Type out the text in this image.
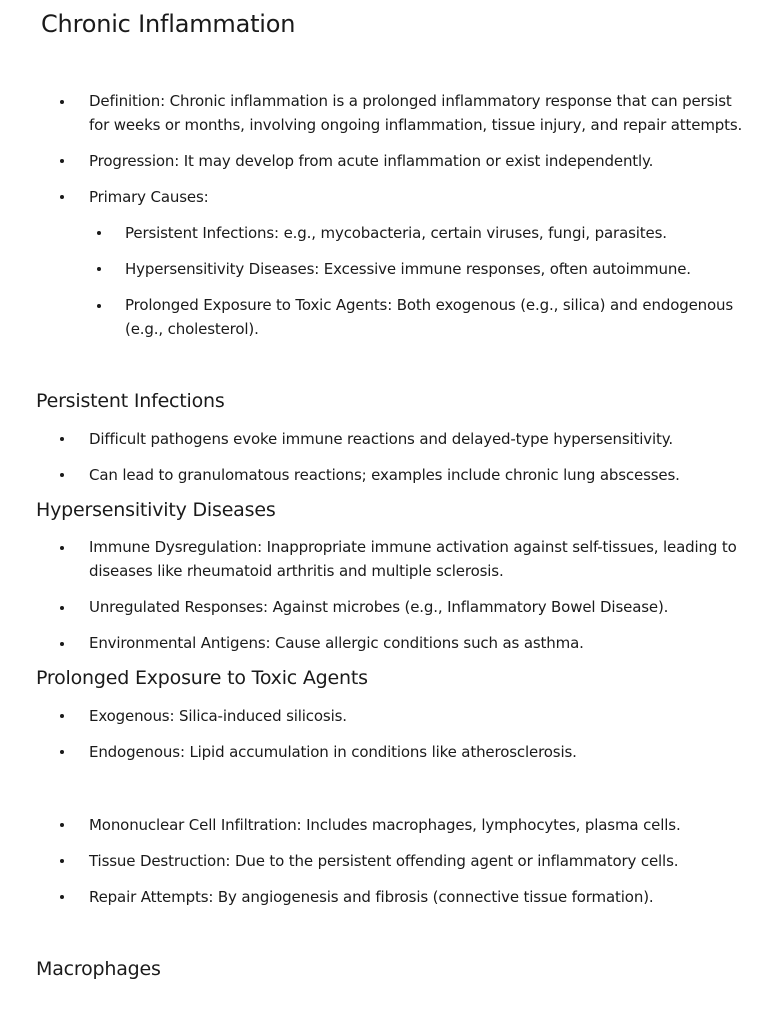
Chronic Inflammation

Definition: Chronic inflammation is a prolonged inflammatory response that can persist for weeks or months, involving ongoing inflammation, tissue injury, and repair attempts.

Progression: It may develop from acute inflammation or exist independently.

Primary Causes:

Persistent Infections: e.g., mycobacteria, certain viruses, fungi, parasites.

Hypersensitivity Diseases: Excessive immune responses, often autoimmune.

Prolonged Exposure to Toxic Agents: Both exogenous (e.g., silica) and endogenous (e.g., cholesterol).

Persistent Infections

Difficult pathogens evoke immune reactions and delayed-type hypersensitivity.

Can lead to granulomatous reactions; examples include chronic lung abscesses.

Hypersensitivity Diseases

Immune Dysregulation: Inappropriate immune activation against self-tissues, leading to diseases like rheumatoid arthritis and multiple sclerosis.

Unregulated Responses: Against microbes (e.g., Inflammatory Bowel Disease).

Environmental Antigens: Cause allergic conditions such as asthma.

Prolonged Exposure to Toxic Agents

Exogenous: Silica-induced silicosis.

Endogenous: Lipid accumulation in conditions like atherosclerosis.

Mononuclear Cell Infiltration: Includes macrophages, lymphocytes, plasma cells.

Tissue Destruction: Due to the persistent offending agent or inflammatory cells.

Repair Attempts: By angiogenesis and fibrosis (connective tissue formation).

Macrophages
